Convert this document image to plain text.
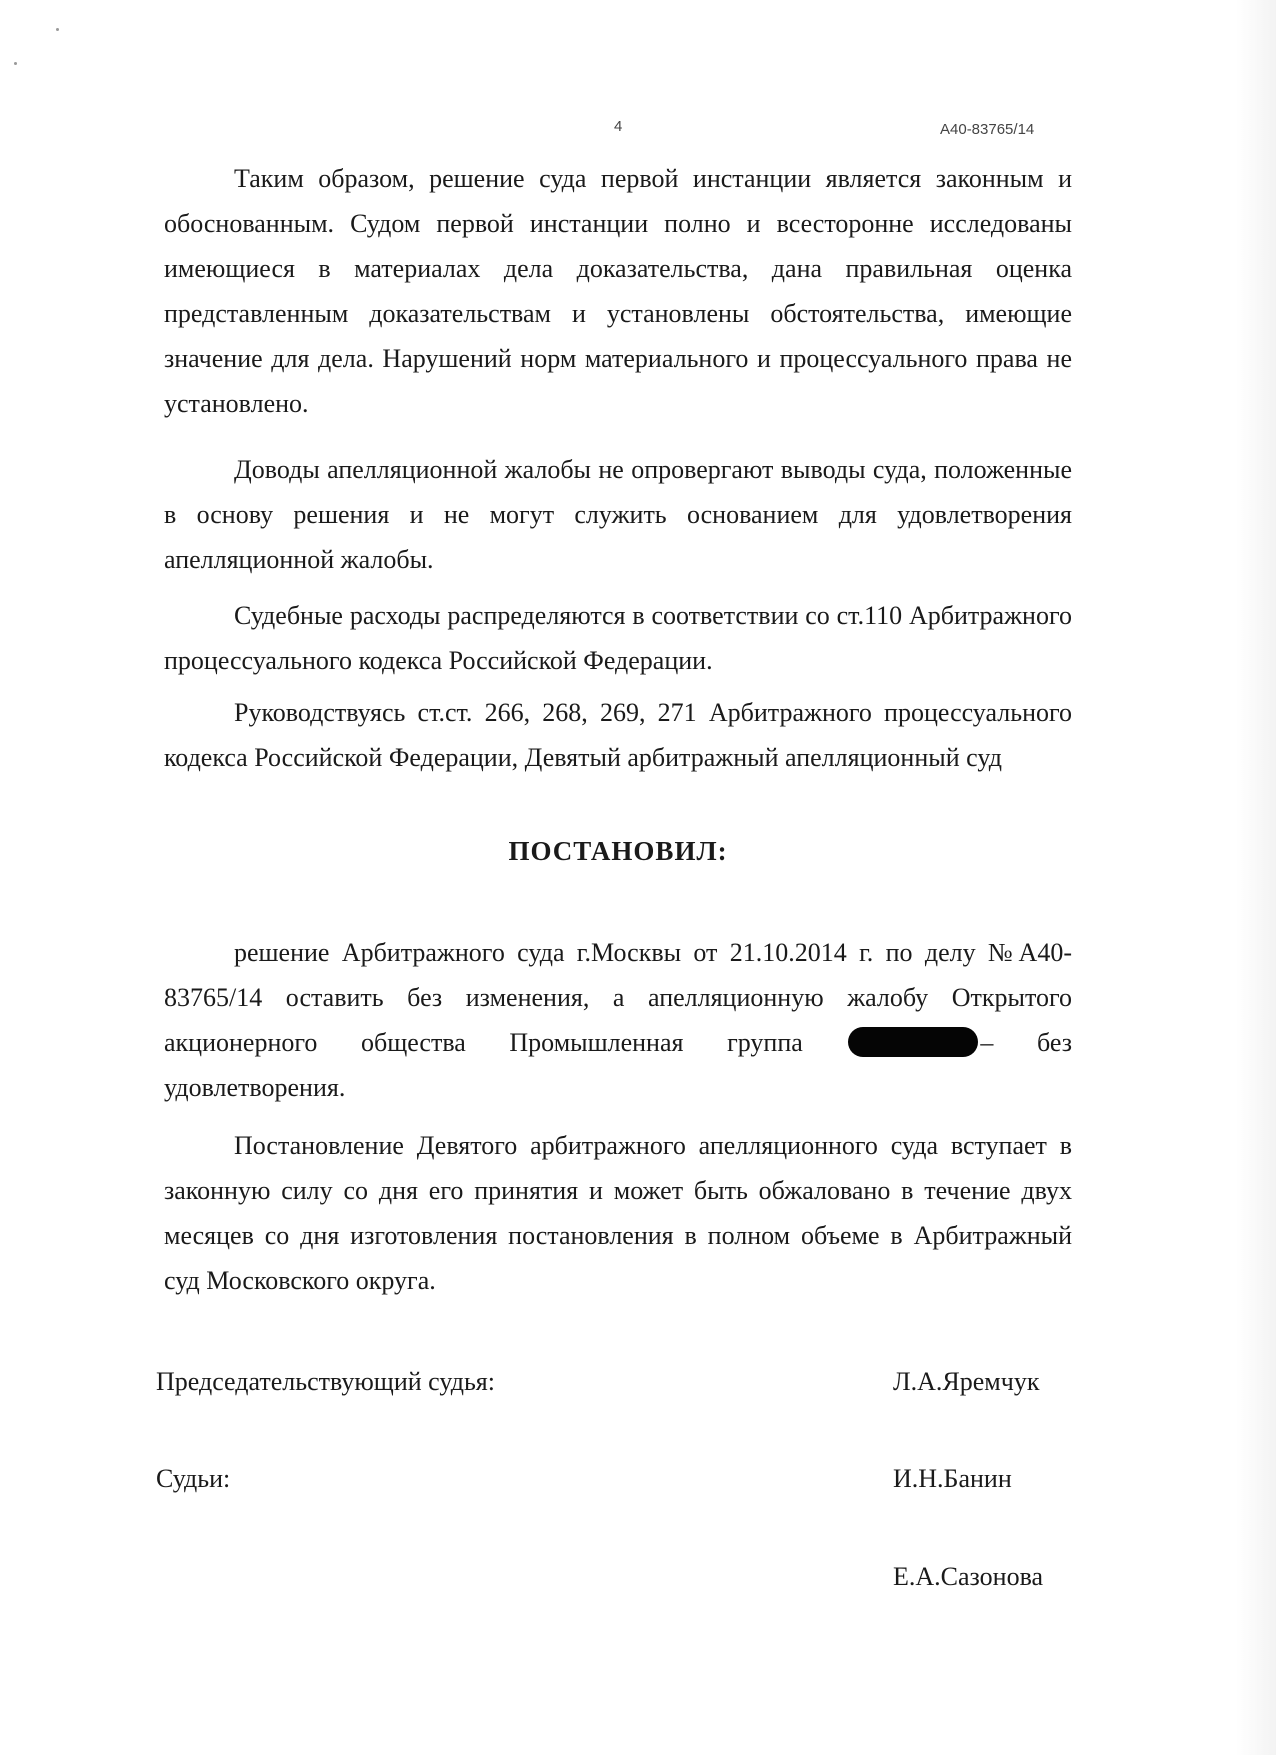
4	А40-83765/14

Таким образом, решение суда первой инстанции является законным и обоснованным. Судом первой инстанции полно и всесторонне исследованы имеющиеся в материалах дела доказательства, дана правильная оценка представленным доказательствам и установлены обстоятельства, имеющие значение для дела. Нарушений норм материального и процессуального права не установлено.

Доводы апелляционной жалобы не опровергают выводы суда, положенные в основу решения и не могут служить основанием для удовлетворения апелляционной жалобы.

Судебные расходы распределяются в соответствии со ст.110 Арбитражного процессуального кодекса Российской Федерации.

Руководствуясь ст.ст. 266, 268, 269, 271 Арбитражного процессуального кодекса Российской Федерации, Девятый арбитражный апелляционный суд

ПОСТАНОВИЛ:

решение Арбитражного суда г.Москвы от 21.10.2014 г. по делу №А40-83765/14 оставить без изменения, а апелляционную жалобу Открытого акционерного общества Промышленная группа	– без удовлетворения.

Постановление Девятого арбитражного апелляционного суда вступает в законную силу со дня его принятия и может быть обжаловано в течение двух месяцев со дня изготовления постановления в полном объеме в Арбитражный суд Московского округа.

Председательствующий судья:	Л.А.Яремчук
Судьи:	И.Н.Банин
Е.А.Сазонова
